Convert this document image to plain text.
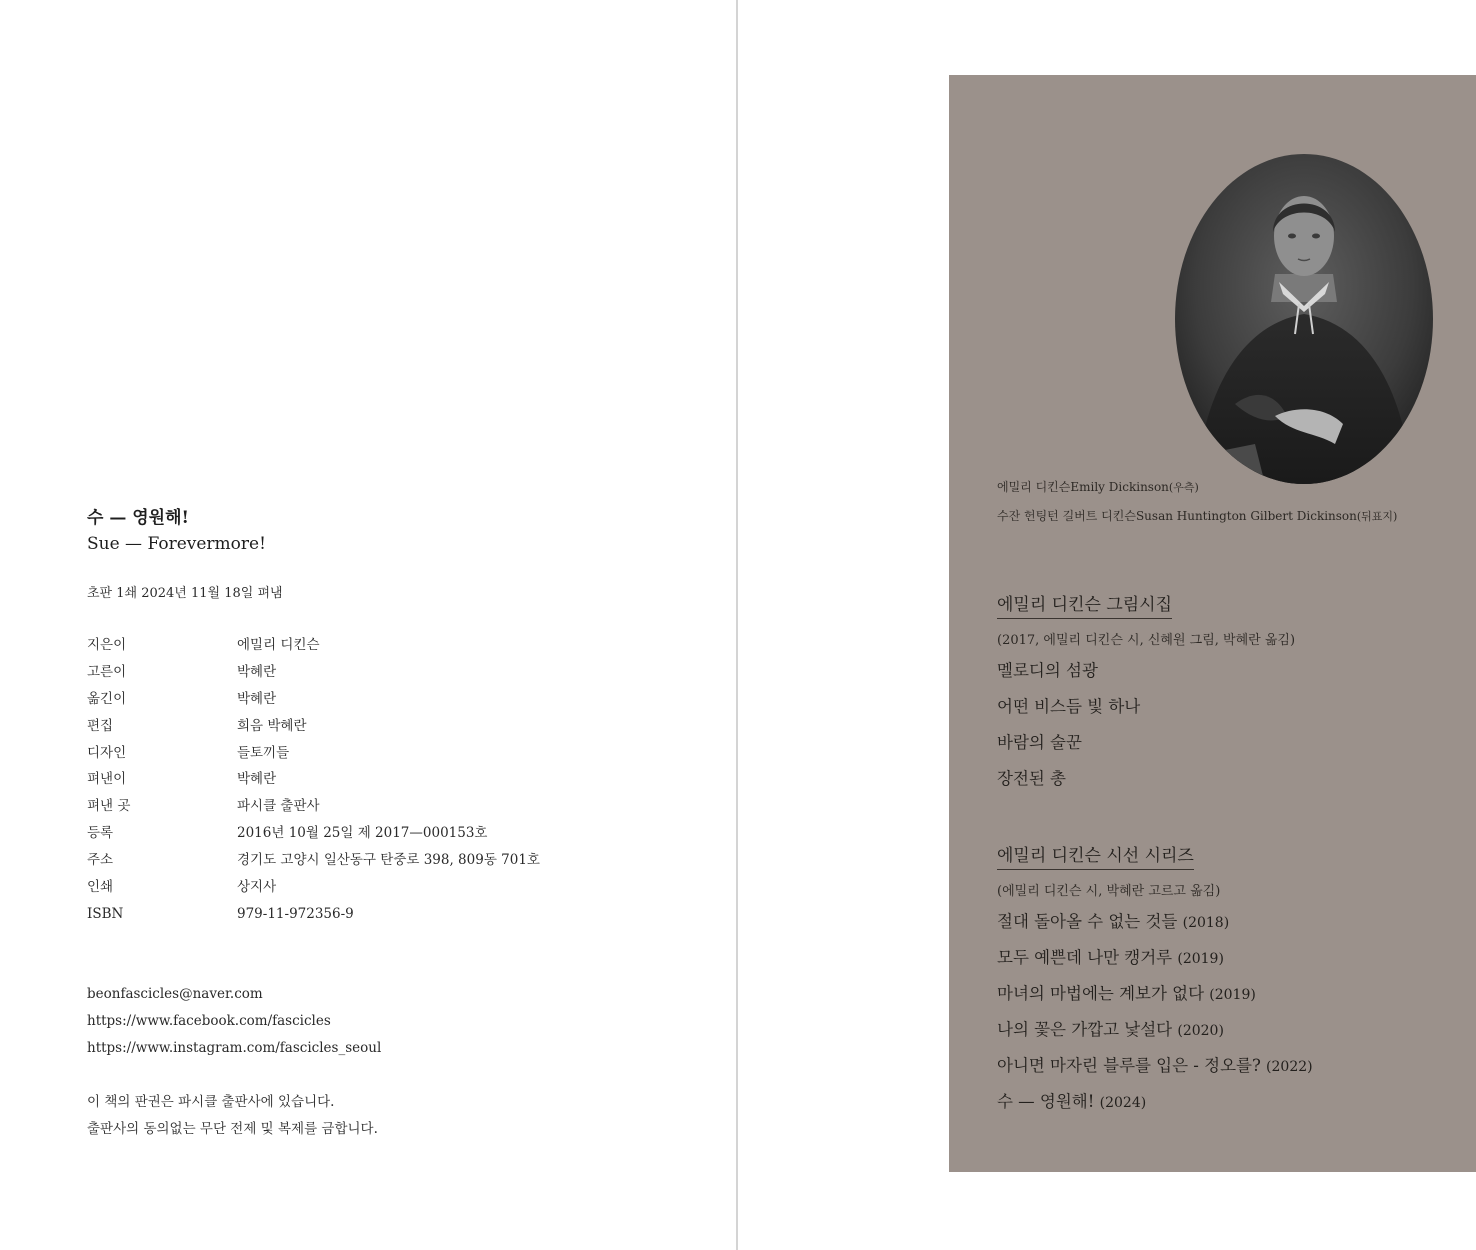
수 — 영원해!
Sue — Forevermore!
초판 1쇄 2024년 11월 18일 펴냄
지은이	에밀리 디킨슨
고른이	박혜란
옮긴이	박혜란
편집	희음 박혜란
디자인	들토끼들
펴낸이	박혜란
펴낸 곳	파시클 출판사
등록	2016년 10월 25일 제 2017—000153호
주소	경기도 고양시 일산동구 탄중로 398, 809동 701호
인쇄	상지사
ISBN	979-11-972356-9
beonfascicles@naver.com
https://www.facebook.com/fascicles
https://www.instagram.com/fascicles_seoul

이 책의 판권은 파시클 출판사에 있습니다.

출판사의 동의없는 무단 전제 및 복제를 금합니다.

에밀리 디킨슨Emily Dickinson(우측)

수잔 헌팅턴 길버트 디킨슨Susan Huntington Gilbert Dickinson(뒤표지)

에밀리 디킨슨 그림시집

(2017, 에밀리 디킨슨 시, 신혜원 그림, 박혜란 옮김)

멜로디의 섬광
어떤 비스듬 빛 하나
바람의 술꾼
장전된 총
에밀리 디킨슨 시선 시리즈

(에밀리 디킨슨 시, 박혜란 고르고 옮김)

절대 돌아올 수 없는 것들 (2018)
모두 예쁜데 나만 캥거루 (2019)
마녀의 마법에는 계보가 없다 (2019)
나의 꽃은 가깝고 낯설다 (2020)
아니면 마자린 블루를 입은 - 정오를? (2022)
수 — 영원해! (2024)
